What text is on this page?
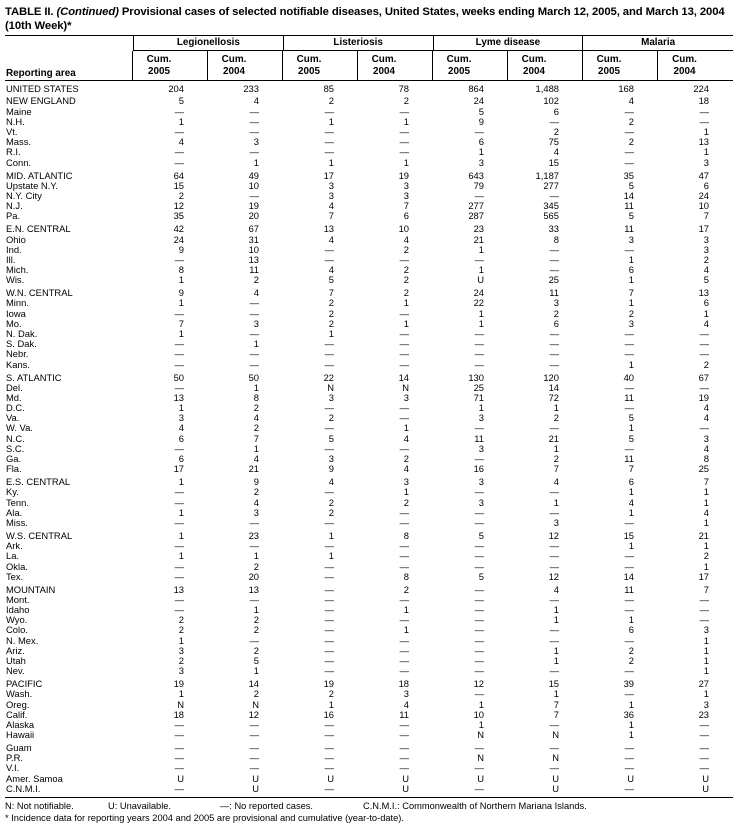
TABLE II. (Continued) Provisional cases of selected notifiable diseases, United States, weeks ending March 12, 2005, and March 13, 2004
(10th Week)*
Legionellosis	Listeriosis	Lyme disease	Malaria
Reporting area
Cum.
2005
Cum.
2004
Cum.
2005
Cum.
2004
Cum.
2005
Cum.
2004
Cum.
2005
Cum.
2004
UNITED STATES	204	233	85	78	864	1,488	168	224
NEW ENGLAND	5	4	2	2	24	102	4	18
Maine	—	—	—	—	5	6	—	—
N.H.	1	—	1	1	9	—	2	—
Vt.	—	—	—	—	—	2	—	1
Mass.	4	3	—	—	6	75	2	13
R.I.	—	—	—	—	1	4	—	1
Conn.	—	1	1	1	3	15	—	3
MID. ATLANTIC	64	49	17	19	643	1,187	35	47
Upstate N.Y.	15	10	3	3	79	277	5	6
N.Y. City	2	—	3	3	—	—	14	24
N.J.	12	19	4	7	277	345	11	10
Pa.	35	20	7	6	287	565	5	7
E.N. CENTRAL	42	67	13	10	23	33	11	17
Ohio	24	31	4	4	21	8	3	3
Ind.	9	10	—	2	1	—	—	3
Ill.	—	13	—	—	—	—	1	2
Mich.	8	11	4	2	1	—	6	4
Wis.	1	2	5	2	U	25	1	5
W.N. CENTRAL	9	4	7	2	24	11	7	13
Minn.	1	—	2	1	22	3	1	6
Iowa	—	—	2	—	1	2	2	1
Mo.	7	3	2	1	1	6	3	4
N. Dak.	1	—	1	—	—	—	—	—
S. Dak.	—	1	—	—	—	—	—	—
Nebr.	—	—	—	—	—	—	—	—
Kans.	—	—	—	—	—	—	1	2
S. ATLANTIC	50	50	22	14	130	120	40	67
Del.	—	1	N	N	25	14	—	—
Md.	13	8	3	3	71	72	11	19
D.C.	1	2	—	—	1	1	—	4
Va.	3	4	2	—	3	2	5	4
W. Va.	4	2	—	1	—	—	1	—
N.C.	6	7	5	4	11	21	5	3
S.C.	—	1	—	—	3	1	—	4
Ga.	6	4	3	2	—	2	11	8
Fla.	17	21	9	4	16	7	7	25
E.S. CENTRAL	1	9	4	3	3	4	6	7
Ky.	—	2	—	1	—	—	1	1
Tenn.	—	4	2	2	3	1	4	1
Ala.	1	3	2	—	—	—	1	4
Miss.	—	—	—	—	—	3	—	1
W.S. CENTRAL	1	23	1	8	5	12	15	21
Ark.	—	—	—	—	—	—	1	1
La.	1	1	1	—	—	—	—	2
Okla.	—	2	—	—	—	—	—	1
Tex.	—	20	—	8	5	12	14	17
MOUNTAIN	13	13	—	2	—	4	11	7
Mont.	—	—	—	—	—	—	—	—
Idaho	—	1	—	1	—	1	—	—
Wyo.	2	2	—	—	—	1	1	—
Colo.	2	2	—	1	—	—	6	3
N. Mex.	1	—	—	—	—	—	—	1
Ariz.	3	2	—	—	—	1	2	1
Utah	2	5	—	—	—	1	2	1
Nev.	3	1	—	—	—	—	—	1
PACIFIC	19	14	19	18	12	15	39	27
Wash.	1	2	2	3	—	1	—	1
Oreg.	N	N	1	4	1	7	1	3
Calif.	18	12	16	11	10	7	36	23
Alaska	—	—	—	—	1	—	1	—
Hawaii	—	—	—	—	N	N	1	—
Guam	—	—	—	—	—	—	—	—
P.R.	—	—	—	—	N	N	—	—
V.I.	—	—	—	—	—	—	—	—
Amer. Samoa	U	U	U	U	U	U	U	U
C.N.M.I.	—	U	—	U	—	U	—	U
N: Not notifiable.	U: Unavailable.	—: No reported cases.	C.N.M.I.: Commonwealth of Northern Mariana Islands.
* Incidence data for reporting years 2004 and 2005 are provisional and cumulative (year-to-date).
